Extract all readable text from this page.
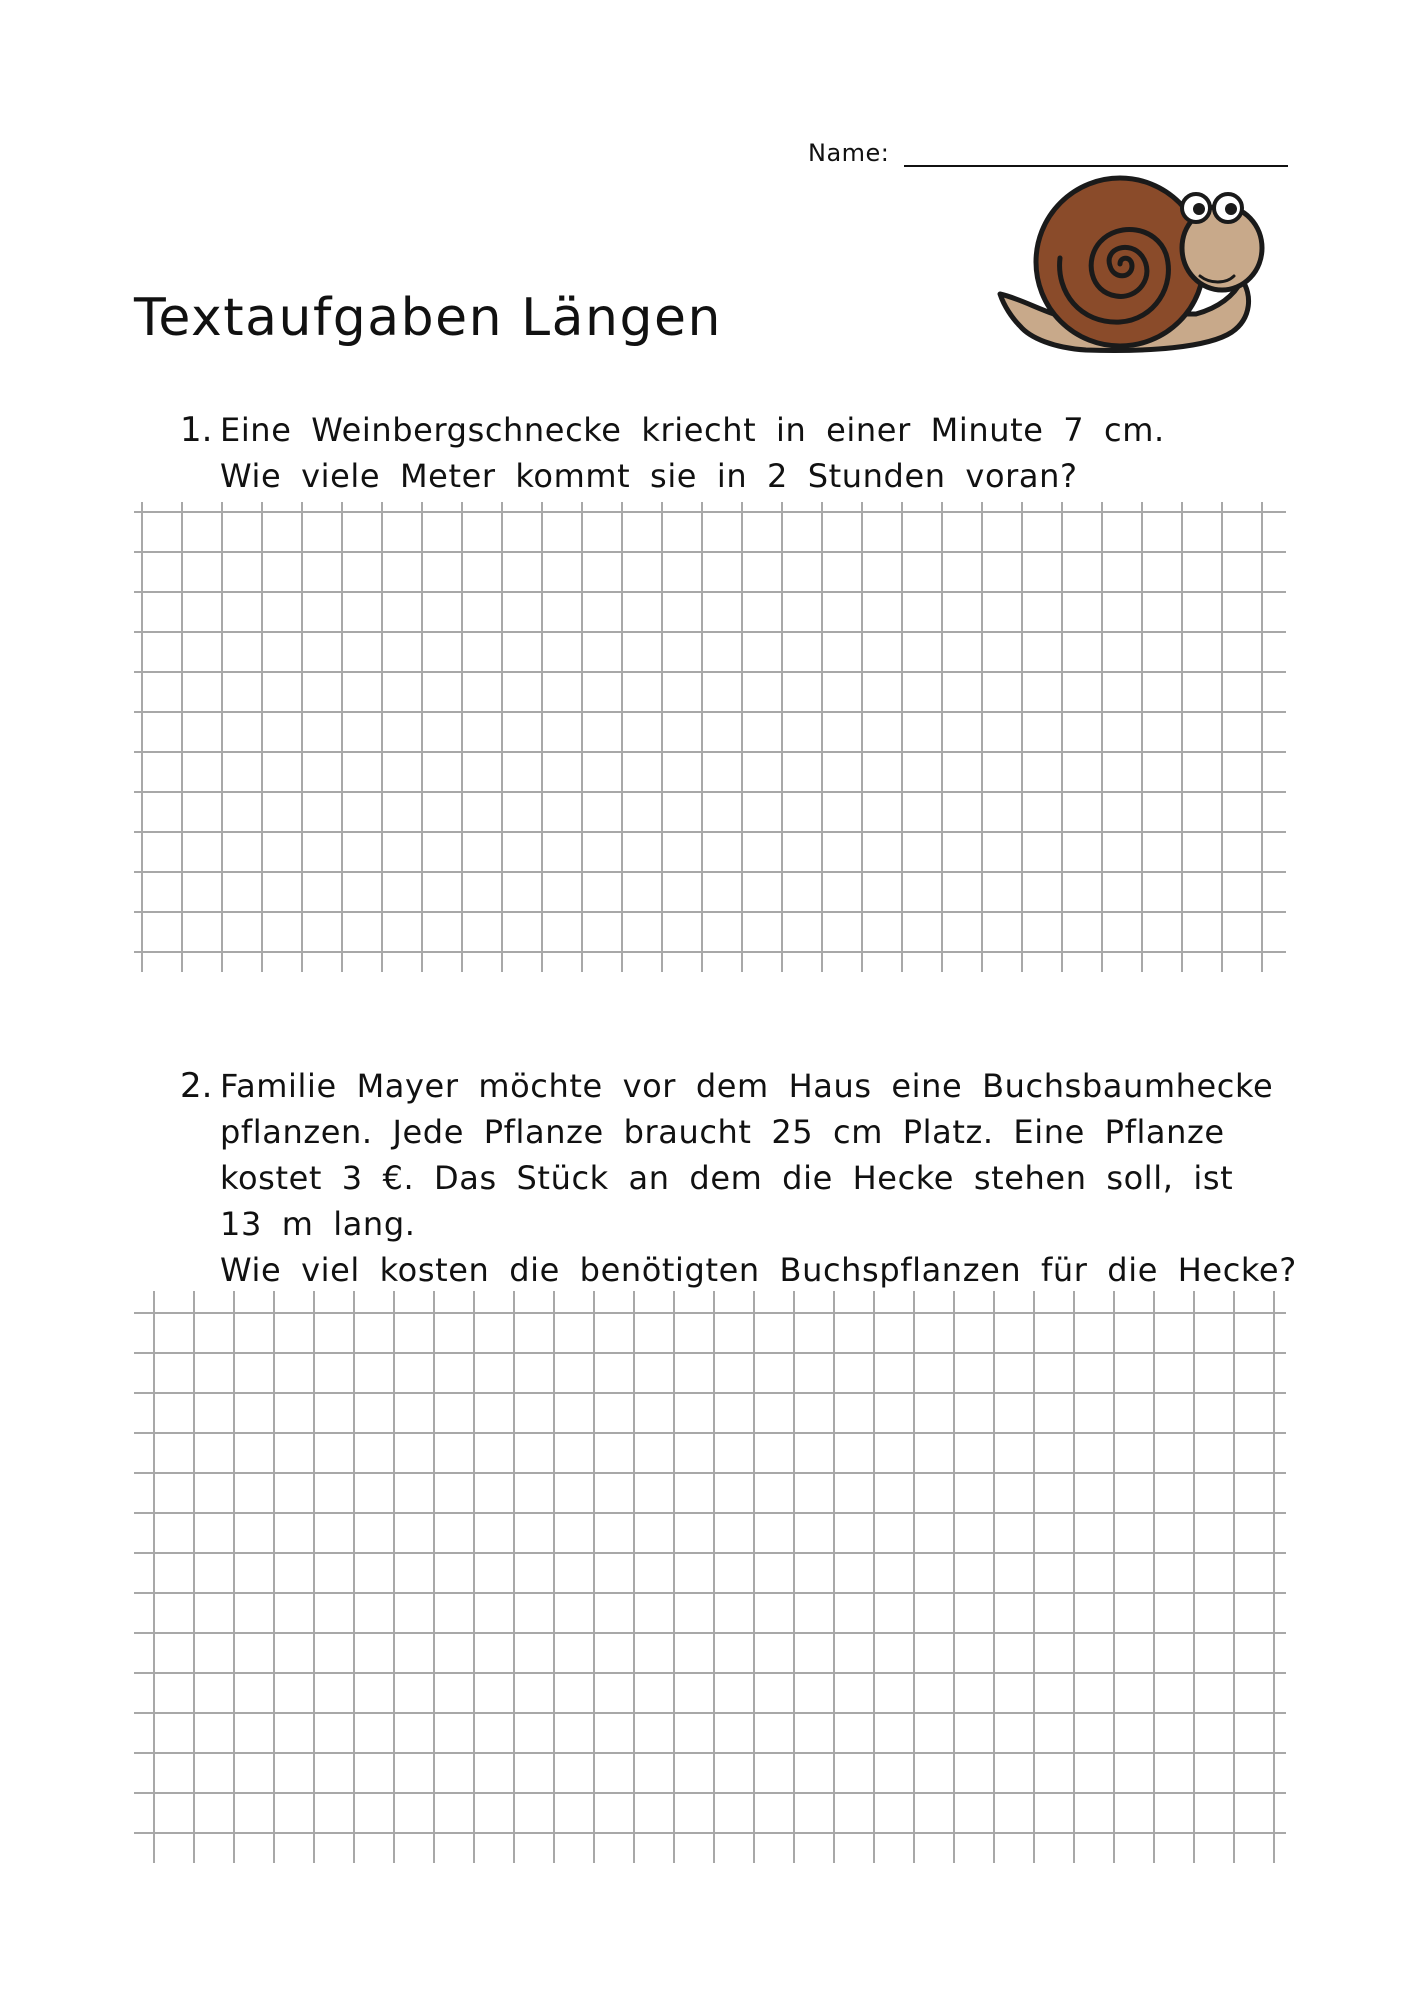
Name:
Textaufgaben Längen
1. Eine Weinbergschnecke kriecht in einer Minute 7 cm.
Wie viele Meter kommt sie in 2 Stunden voran?
2. Familie Mayer möchte vor dem Haus eine Buchsbaumhecke
pflanzen. Jede Pflanze braucht 25 cm Platz. Eine Pflanze
kostet 3 €. Das Stück an dem die Hecke stehen soll, ist
13 m lang.
Wie viel kosten die benötigten Buchspflanzen für die Hecke?
